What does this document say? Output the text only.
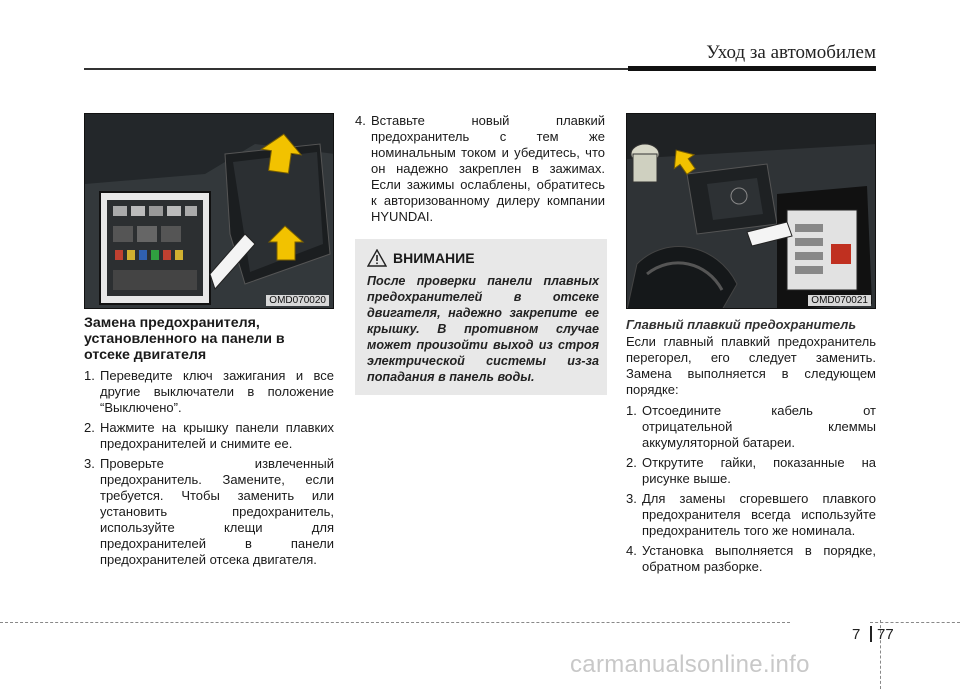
Уход за автомобилем
OMD070020
Замена предохранителя, установленного на панели в отсеке двигателя
1. Переведите ключ зажигания и все другие выключатели в положение “Выключено”.
2. Нажмите на крышку панели плавких предохранителей и снимите ее.
3. Проверьте извлеченный предохранитель. Замените, если требуется. Чтобы заменить или установить предохранитель, используйте клещи для предохранителей в панели предохранителей отсека двигателя.
4. Вставьте новый плавкий предохранитель с тем же номинальным током и убедитесь, что он надежно закреплен в зажимах. Если зажимы ослаблены, обратитесь к авторизованному дилеру компании HYUNDAI.
ВНИМАНИЕ
После проверки панели плавных предохранителей в отсеке двигателя, надежно закрепите ее крышку. В противном случае может произойти выход из строя электрической системы из-за попадания в панель воды.
OMD070021
Главный плавкий предохранитель

Если главный плавкий предохранитель перегорел, его следует заменить. Замена выполняется в следующем порядке:

1. Отсоедините кабель от отрицательной клеммы аккумуляторной батареи.
2. Открутите гайки, показанные на рисунке выше.
3. Для замены сгоревшего плавкого предохранителя всегда используйте предохранитель того же номинала.
4. Установка выполняется в порядке, обратном разборке.
7 77
carmanualsonline.info
